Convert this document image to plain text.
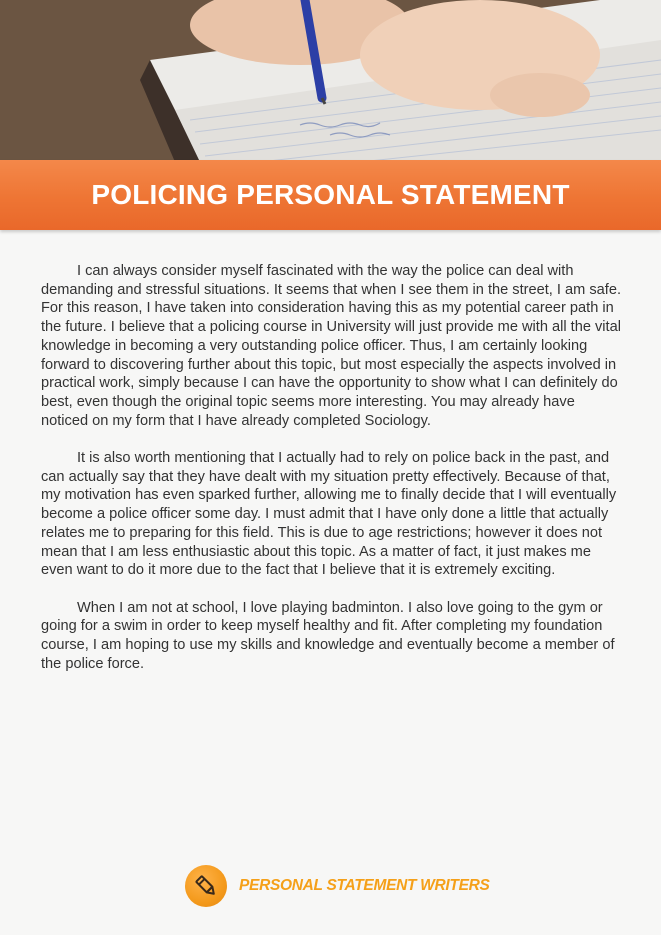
POLICING PERSONAL STATEMENT

I can always consider myself fascinated with the way the police can deal with demanding and stressful situations. It seems that when I see them in the street, I am safe. For this reason, I have taken into consideration having this as my potential career path in the future. I believe that a policing course in University will just provide me with all the vital knowledge in becoming a very outstanding police officer. Thus, I am certainly looking forward to discovering further about this topic, but most especially the aspects involved in practical work, simply because I can have the opportunity to show what I can definitely do best, even though the original topic seems more interesting. You may already have noticed on my form that I have already completed Sociology.

It is also worth mentioning that I actually had to rely on police back in the past, and can actually say that they have dealt with my situation pretty effectively. Because of that, my motivation has even sparked further, allowing me to finally decide that I will eventually become a police officer some day. I must admit that I have only done a little that actually relates me to preparing for this field. This is due to age restrictions; however it does not mean that I am less enthusiastic about this topic. As a matter of fact, it just makes me even want to do it more due to the fact that I believe that it is extremely exciting.

When I am not at school, I love playing badminton. I also love going to the gym or going for a swim in order to keep myself healthy and fit. After completing my foundation course, I am hoping to use my skills and knowledge and eventually become a member of the police force.

PERSONAL STATEMENT WRITERS
